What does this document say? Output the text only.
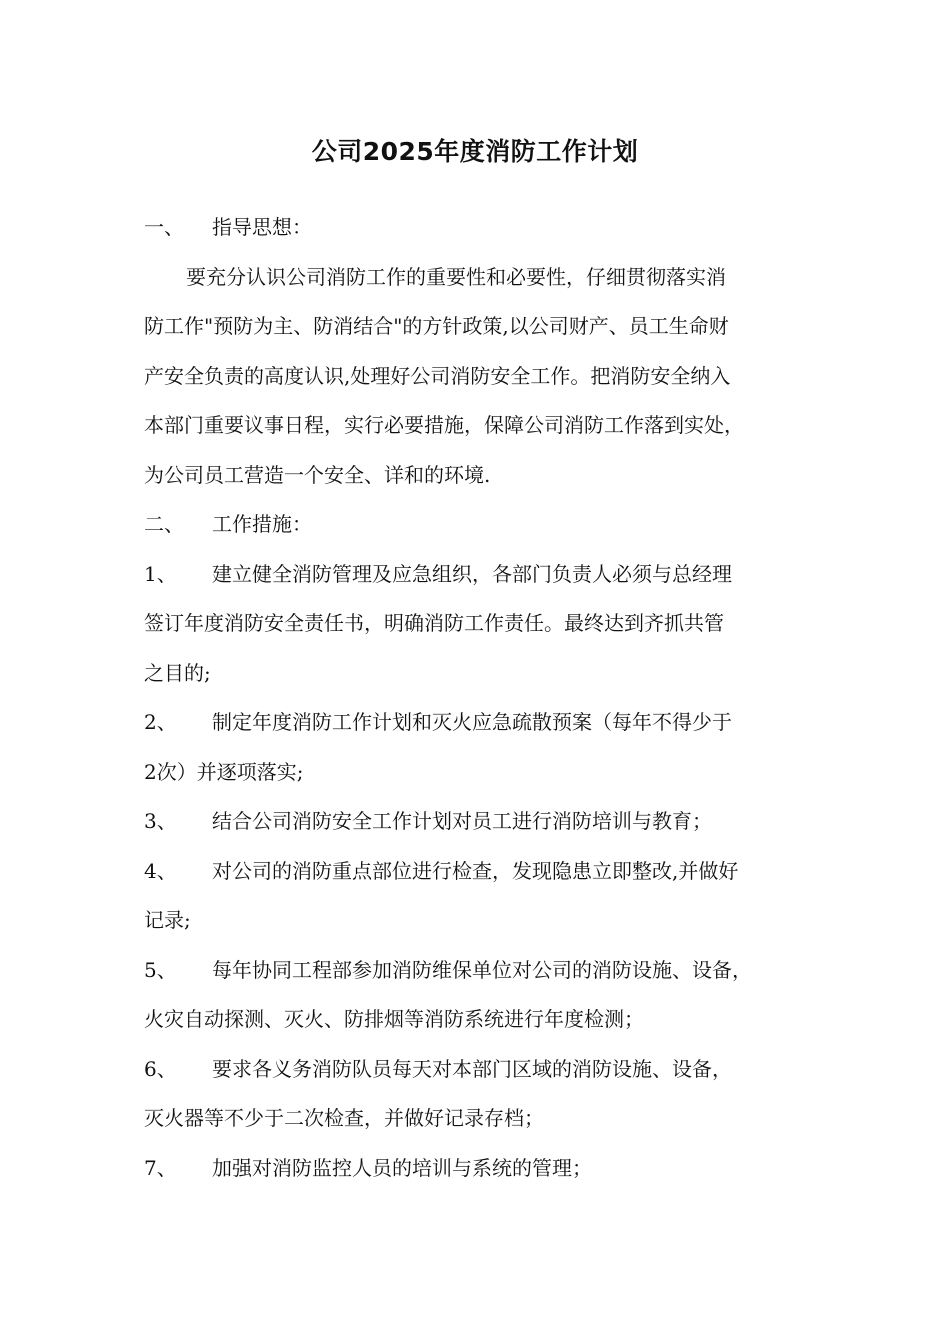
公司2025年度消防工作计划
一、 指导思想：
要充分认识公司消防工作的重要性和必要性，仔细贯彻落实消
防工作"预防为主、防消结合"的方针政策,以公司财产、员工生命财
产安全负责的高度认识,处理好公司消防安全工作。把消防安全纳入
本部门重要议事日程，实行必要措施，保障公司消防工作落到实处，
为公司员工营造一个安全、详和的环境.
二、 工作措施：
1、 建立健全消防管理及应急组织，各部门负责人必须与总经理
签订年度消防安全责任书，明确消防工作责任。最终达到齐抓共管
之目的;
2、 制定年度消防工作计划和灭火应急疏散预案（每年不得少于
2次）并逐项落实;
3、 结合公司消防安全工作计划对员工进行消防培训与教育；
4、 对公司的消防重点部位进行检查，发现隐患立即整改,并做好
记录;
5、 每年协同工程部参加消防维保单位对公司的消防设施、设备，
火灾自动探测、灭火、防排烟等消防系统进行年度检测；
6、 要求各义务消防队员每天对本部门区域的消防设施、设备，
灭火器等不少于二次检查，并做好记录存档；
7、 加强对消防监控人员的培训与系统的管理；
